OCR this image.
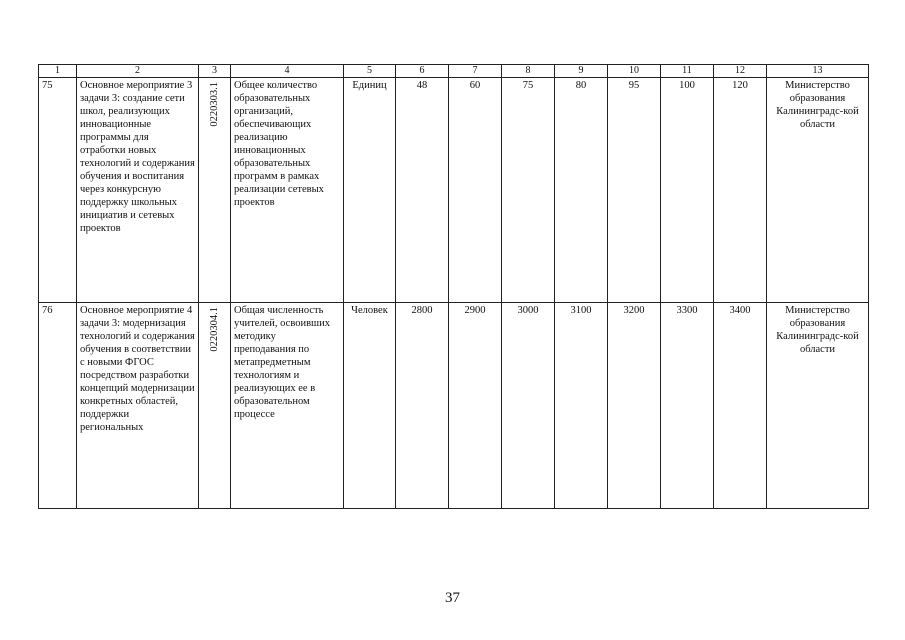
1	2	3	4	5	6	7	8	9	10	11	12	13
75	Основное мероприятие 3 задачи 3: создание сети школ, реализующих инновационные программы для отработки новых технологий и содержания обучения и воспитания через конкурсную поддержку школьных инициатив и сетевых проектов	0220303.1	Общее количество образовательных организаций, обеспечивающих реализацию инновационных образовательных программ в рамках реализации сетевых проектов	Единиц	48	60	75	80	95	100	120	Министерство образования Калининградс-кой области
76	Основное мероприятие 4 задачи 3: модернизация технологий и содержания обучения в соответствии с новыми ФГОС посредством разработки концепций модернизации конкретных областей, поддержки региональных	0220304.1	Общая численность учителей, освоивших методику преподавания по метапредметным технологиям и реализующих ее в образовательном процессе	Человек	2800	2900	3000	3100	3200	3300	3400	Министерство образования Калининградс-кой области
37
